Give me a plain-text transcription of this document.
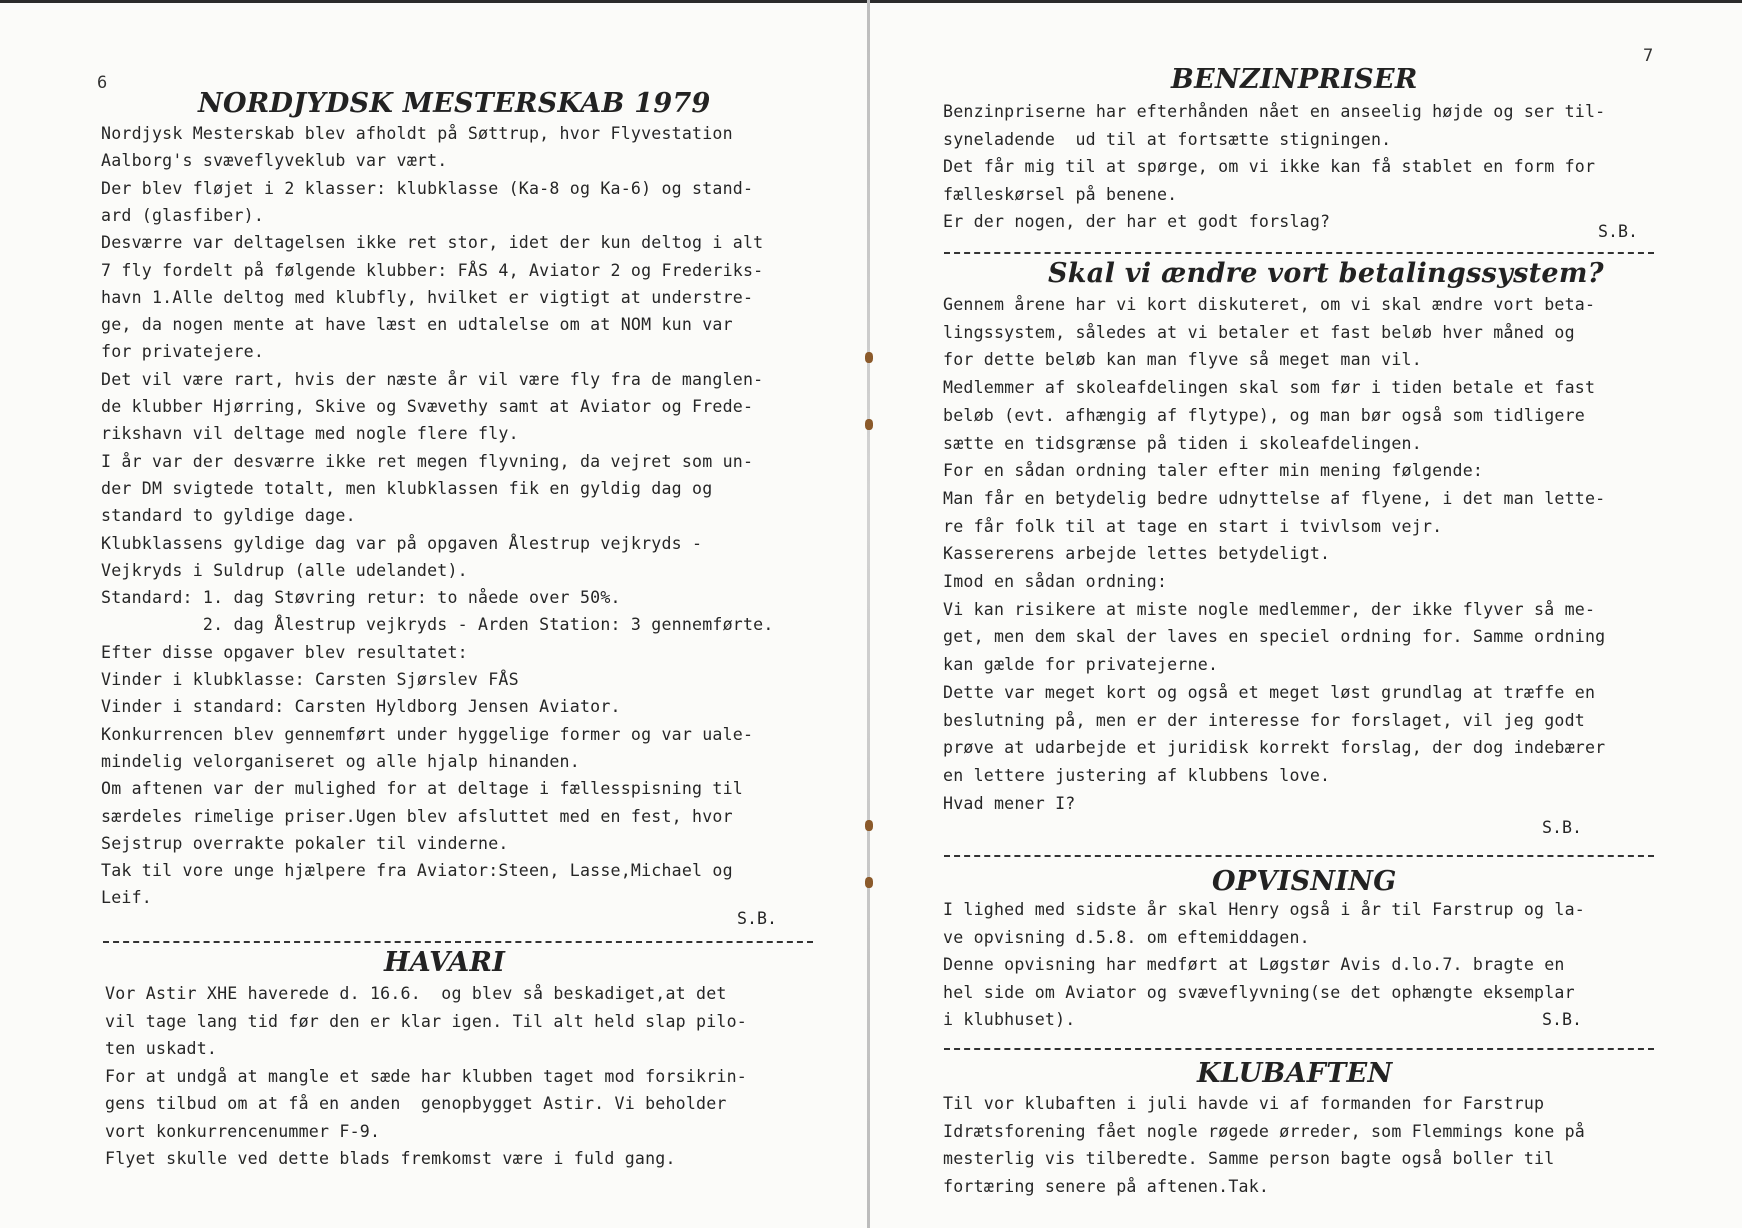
6
NORDJYDSK MESTERSKAB 1979
Nordjysk Mesterskab blev afholdt på Søttrup, hvor Flyvestation
Aalborg's svæveflyveklub var vært.
Der blev fløjet i 2 klasser: klubklasse (Ka-8 og Ka-6) og stand-
ard (glasfiber).
Desværre var deltagelsen ikke ret stor, idet der kun deltog i alt
7 fly fordelt på følgende klubber: FÅS 4, Aviator 2 og Frederiks-
havn 1.Alle deltog med klubfly, hvilket er vigtigt at understre-
ge, da nogen mente at have læst en udtalelse om at NOM kun var
for privatejere.
Det vil være rart, hvis der næste år vil være fly fra de manglen-
de klubber Hjørring, Skive og Svævethy samt at Aviator og Frede-
rikshavn vil deltage med nogle flere fly.
I år var der desværre ikke ret megen flyvning, da vejret som un-
der DM svigtede totalt, men klubklassen fik en gyldig dag og
standard to gyldige dage.
Klubklassens gyldige dag var på opgaven Ålestrup vejkryds -
Vejkryds i Suldrup (alle udelandet).
Standard: 1. dag Støvring retur: to nåede over 50%.
2. dag Ålestrup vejkryds - Arden Station: 3 gennemførte.
Efter disse opgaver blev resultatet:
Vinder i klubklasse: Carsten Sjørslev FÅS
Vinder i standard: Carsten Hyldborg Jensen Aviator.
Konkurrencen blev gennemført under hyggelige former og var uale-
mindelig velorganiseret og alle hjalp hinanden.
Om aftenen var der mulighed for at deltage i fællesspisning til
særdeles rimelige priser.Ugen blev afsluttet med en fest, hvor
Sejstrup overrakte pokaler til vinderne.
Tak til vore unge hjælpere fra Aviator:Steen, Lasse,Michael og
Leif.
S.B.
HAVARI
Vor Astir XHE haverede d. 16.6.  og blev så beskadiget,at det
vil tage lang tid før den er klar igen. Til alt held slap pilo-
ten uskadt.
For at undgå at mangle et sæde har klubben taget mod forsikrin-
gens tilbud om at få en anden  genopbygget Astir. Vi beholder
vort konkurrencenummer F-9.
Flyet skulle ved dette blads fremkomst være i fuld gang.
7
BENZINPRISER
Benzinpriserne har efterhånden nået en anseelig højde og ser til-
syneladende  ud til at fortsætte stigningen.
Det får mig til at spørge, om vi ikke kan få stablet en form for
fælleskørsel på benene.
Er der nogen, der har et godt forslag?
S.B.
Skal vi ændre vort betalingssystem?
Gennem årene har vi kort diskuteret, om vi skal ændre vort beta-
lingssystem, således at vi betaler et fast beløb hver måned og
for dette beløb kan man flyve så meget man vil.
Medlemmer af skoleafdelingen skal som før i tiden betale et fast
beløb (evt. afhængig af flytype), og man bør også som tidligere
sætte en tidsgrænse på tiden i skoleafdelingen.
For en sådan ordning taler efter min mening følgende:
Man får en betydelig bedre udnyttelse af flyene, i det man lette-
re får folk til at tage en start i tvivlsom vejr.
Kassererens arbejde lettes betydeligt.
Imod en sådan ordning:
Vi kan risikere at miste nogle medlemmer, der ikke flyver så me-
get, men dem skal der laves en speciel ordning for. Samme ordning
kan gælde for privatejerne.
Dette var meget kort og også et meget løst grundlag at træffe en
beslutning på, men er der interesse for forslaget, vil jeg godt
prøve at udarbejde et juridisk korrekt forslag, der dog indebærer
en lettere justering af klubbens love.
Hvad mener I?
S.B.
OPVISNING
I lighed med sidste år skal Henry også i år til Farstrup og la-
ve opvisning d.5.8. om eftemiddagen.
Denne opvisning har medført at Løgstør Avis d.lo.7. bragte en
hel side om Aviator og svæveflyvning(se det ophængte eksemplar
i klubhuset).	S.B.
KLUBAFTEN
Til vor klubaften i juli havde vi af formanden for Farstrup
Idrætsforening fået nogle røgede ørreder, som Flemmings kone på
mesterlig vis tilberedte. Samme person bagte også boller til
fortæring senere på aftenen.Tak.
